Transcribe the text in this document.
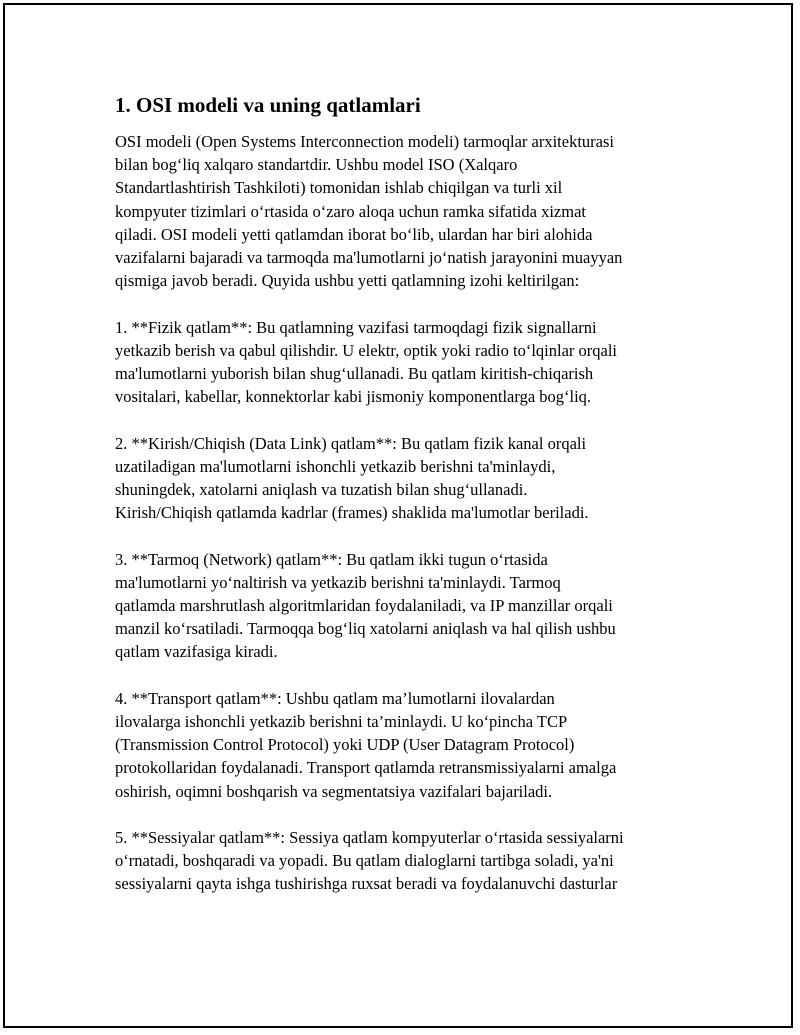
1. OSI modeli va uning qatlamlari

OSI modeli (Open Systems Interconnection modeli) tarmoqlar arxitekturasi
bilan bog‘liq xalqaro standartdir. Ushbu model ISO (Xalqaro
Standartlashtirish Tashkiloti) tomonidan ishlab chiqilgan va turli xil
kompyuter tizimlari o‘rtasida o‘zaro aloqa uchun ramka sifatida xizmat
qiladi. OSI modeli yetti qatlamdan iborat bo‘lib, ulardan har biri alohida
vazifalarni bajaradi va tarmoqda ma'lumotlarni jo‘natish jarayonini muayyan
qismiga javob beradi. Quyida ushbu yetti qatlamning izohi keltirilgan:

1. **Fizik qatlam**: Bu qatlamning vazifasi tarmoqdagi fizik signallarni
yetkazib berish va qabul qilishdir. U elektr, optik yoki radio to‘lqinlar orqali
ma'lumotlarni yuborish bilan shug‘ullanadi. Bu qatlam kiritish-chiqarish
vositalari, kabellar, konnektorlar kabi jismoniy komponentlarga bog‘liq.

2. **Kirish/Chiqish (Data Link) qatlam**: Bu qatlam fizik kanal orqali
uzatiladigan ma'lumotlarni ishonchli yetkazib berishni ta'minlaydi,
shuningdek, xatolarni aniqlash va tuzatish bilan shug‘ullanadi.
Kirish/Chiqish qatlamda kadrlar (frames) shaklida ma'lumotlar beriladi.

3. **Tarmoq (Network) qatlam**: Bu qatlam ikki tugun o‘rtasida
ma'lumotlarni yo‘naltirish va yetkazib berishni ta'minlaydi. Tarmoq
qatlamda marshrutlash algoritmlaridan foydalaniladi, va IP manzillar orqali
manzil ko‘rsatiladi. Tarmoqqa bog‘liq xatolarni aniqlash va hal qilish ushbu
qatlam vazifasiga kiradi.

4. **Transport qatlam**: Ushbu qatlam ma’lumotlarni ilovalardan
ilovalarga ishonchli yetkazib berishni ta’minlaydi. U ko‘pincha TCP
(Transmission Control Protocol) yoki UDP (User Datagram Protocol)
protokollaridan foydalanadi. Transport qatlamda retransmissiyalarni amalga
oshirish, oqimni boshqarish va segmentatsiya vazifalari bajariladi.

5. **Sessiyalar qatlam**: Sessiya qatlam kompyuterlar o‘rtasida sessiyalarni
o‘rnatadi, boshqaradi va yopadi. Bu qatlam dialoglarni tartibga soladi, ya'ni
sessiyalarni qayta ishga tushirishga ruxsat beradi va foydalanuvchi dasturlar
